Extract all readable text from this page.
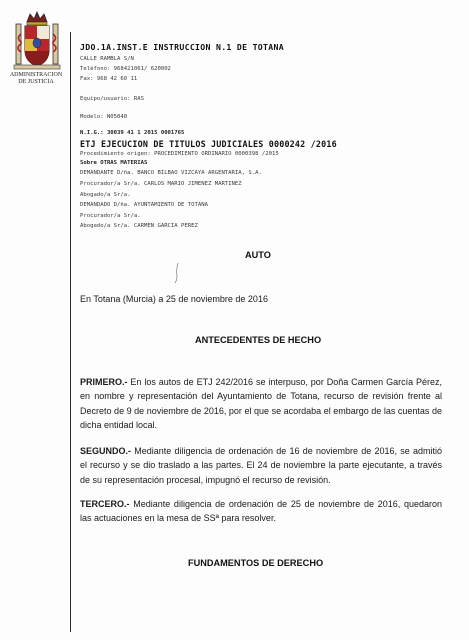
ADMINISTRACION
DE JUSTICIA
JDO.1A.INST.E INSTRUCCION N.1 DE TOTANA
CALLE RAMBLA S/N
Teléfono: 968421061/ 620002
Fax: 968 42 60 11
Equipo/usuario: RAS
Modelo: N05040
N.I.G.: 30039 41 1 2015 0001765
ETJ EJECUCION DE TITULOS JUDICIALES 0000242 /2016
Procedimiento origen: PROCEDIMIENTO ORDINARIO 0000398 /2015
Sobre OTRAS MATERIAS
DEMANDANTE D/ña. BANCO BILBAO VIZCAYA ARGENTARIA, S.A.
Procurador/a Sr/a. CARLOS MARIO JIMENEZ MARTINEZ
Abogado/a Sr/a.
DEMANDADO D/ña. AYUNTAMIENTO DE TOTANA
Procurador/a Sr/a.
Abogado/a Sr/a. CARMEN GARCIA PEREZ
AUTO
En Totana (Murcia) a 25 de noviembre de 2016
ANTECEDENTES DE HECHO
PRIMERO.- En los autos de ETJ 242/2016 se interpuso, por Doña Carmen García Pérez, en nombre y representación del Ayuntamiento de Totana, recurso de revisión frente al Decreto de 9 de noviembre de 2016, por el que se acordaba el embargo de las cuentas de dicha entidad local.
SEGUNDO.- Mediante diligencia de ordenación de 16 de noviembre de 2016, se admitió el recurso y se dio traslado a las partes. El 24 de noviembre la parte ejecutante, a través de su representación procesal, impugnó el recurso de revisión.
TERCERO.- Mediante diligencia de ordenación de 25 de noviembre de 2016, quedaron las actuaciones en la mesa de SSª para resolver.
FUNDAMENTOS DE DERECHO
